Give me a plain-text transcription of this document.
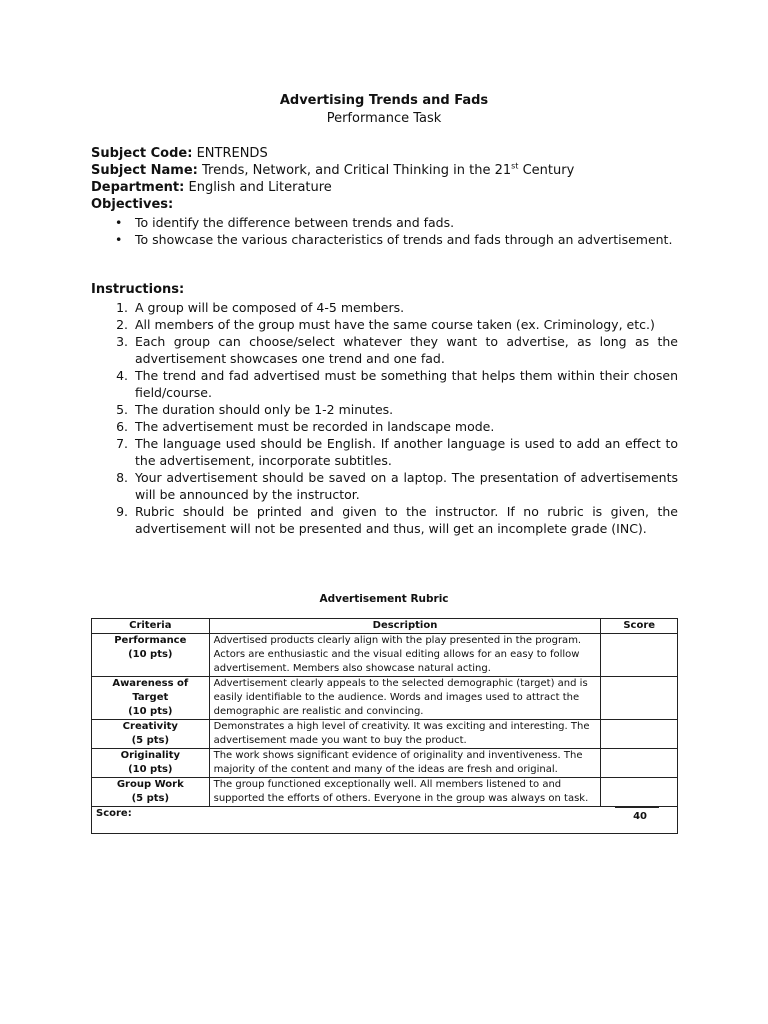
Advertising Trends and Fads
Performance Task
Subject Code: ENTRENDS
Subject Name: Trends, Network, and Critical Thinking in the 21st Century
Department: English and Literature
Objectives:
• To identify the difference between trends and fads.
• To showcase the various characteristics of trends and fads through an advertisement.
Instructions:
1. A group will be composed of 4-5 members.
2. All members of the group must have the same course taken (ex. Criminology, etc.)
3. Each group can choose/select whatever they want to advertise, as long as the advertisement showcases one trend and one fad.
4. The trend and fad advertised must be something that helps them within their chosen field/course.
5. The duration should only be 1-2 minutes.
6. The advertisement must be recorded in landscape mode.
7. The language used should be English. If another language is used to add an effect to the advertisement, incorporate subtitles.
8. Your advertisement should be saved on a laptop. The presentation of advertisements will be announced by the instructor.
9. Rubric should be printed and given to the instructor. If no rubric is given, the advertisement will not be presented and thus, will get an incomplete grade (INC).
Advertisement Rubric
Criteria	Description	Score

Performance
(10 pts)	Advertised products clearly align with the play presented in the program. Actors are enthusiastic and the visual editing allows for an easy to follow advertisement. Members also showcase natural acting.	

Awareness of
Target
(10 pts)	Advertisement clearly appeals to the selected demographic (target) and is easily identifiable to the audience. Words and images used to attract the demographic are realistic and convincing.	

Creativity
(5 pts)	Demonstrates a high level of creativity. It was exciting and interesting. The advertisement made you want to buy the product.	

Originality
(10 pts)	The work shows significant evidence of originality and inventiveness. The majority of the content and many of the ideas are fresh and original.	

Group Work
(5 pts)	The group functioned exceptionally well. All members listened to and supported the efforts of others. Everyone in the group was always on task.	

Score: 40		
